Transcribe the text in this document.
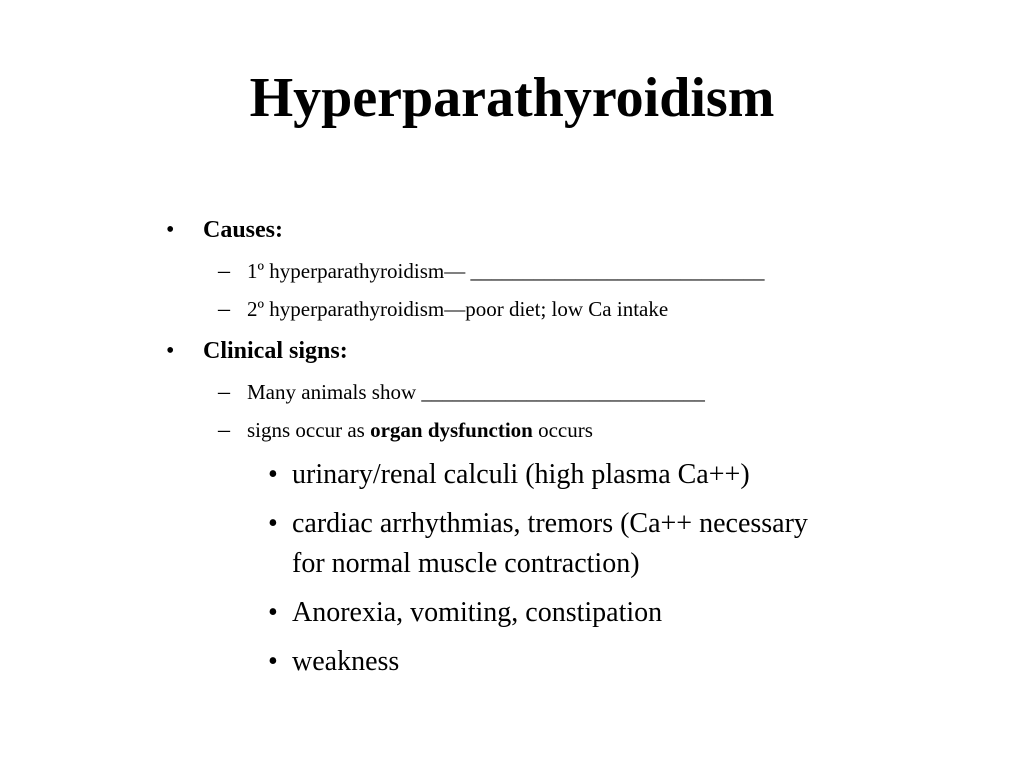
Hyperparathyroidism
• Causes:
– 1º hyperparathyroidism— ____________________________
– 2º hyperparathyroidism—poor diet; low Ca intake
• Clinical signs:
– Many animals show ___________________________
– signs occur as organ dysfunction occurs
• urinary/renal calculi (high plasma Ca++)
• cardiac arrhythmias, tremors (Ca++ necessary
for normal muscle contraction)
• Anorexia, vomiting, constipation
• weakness
